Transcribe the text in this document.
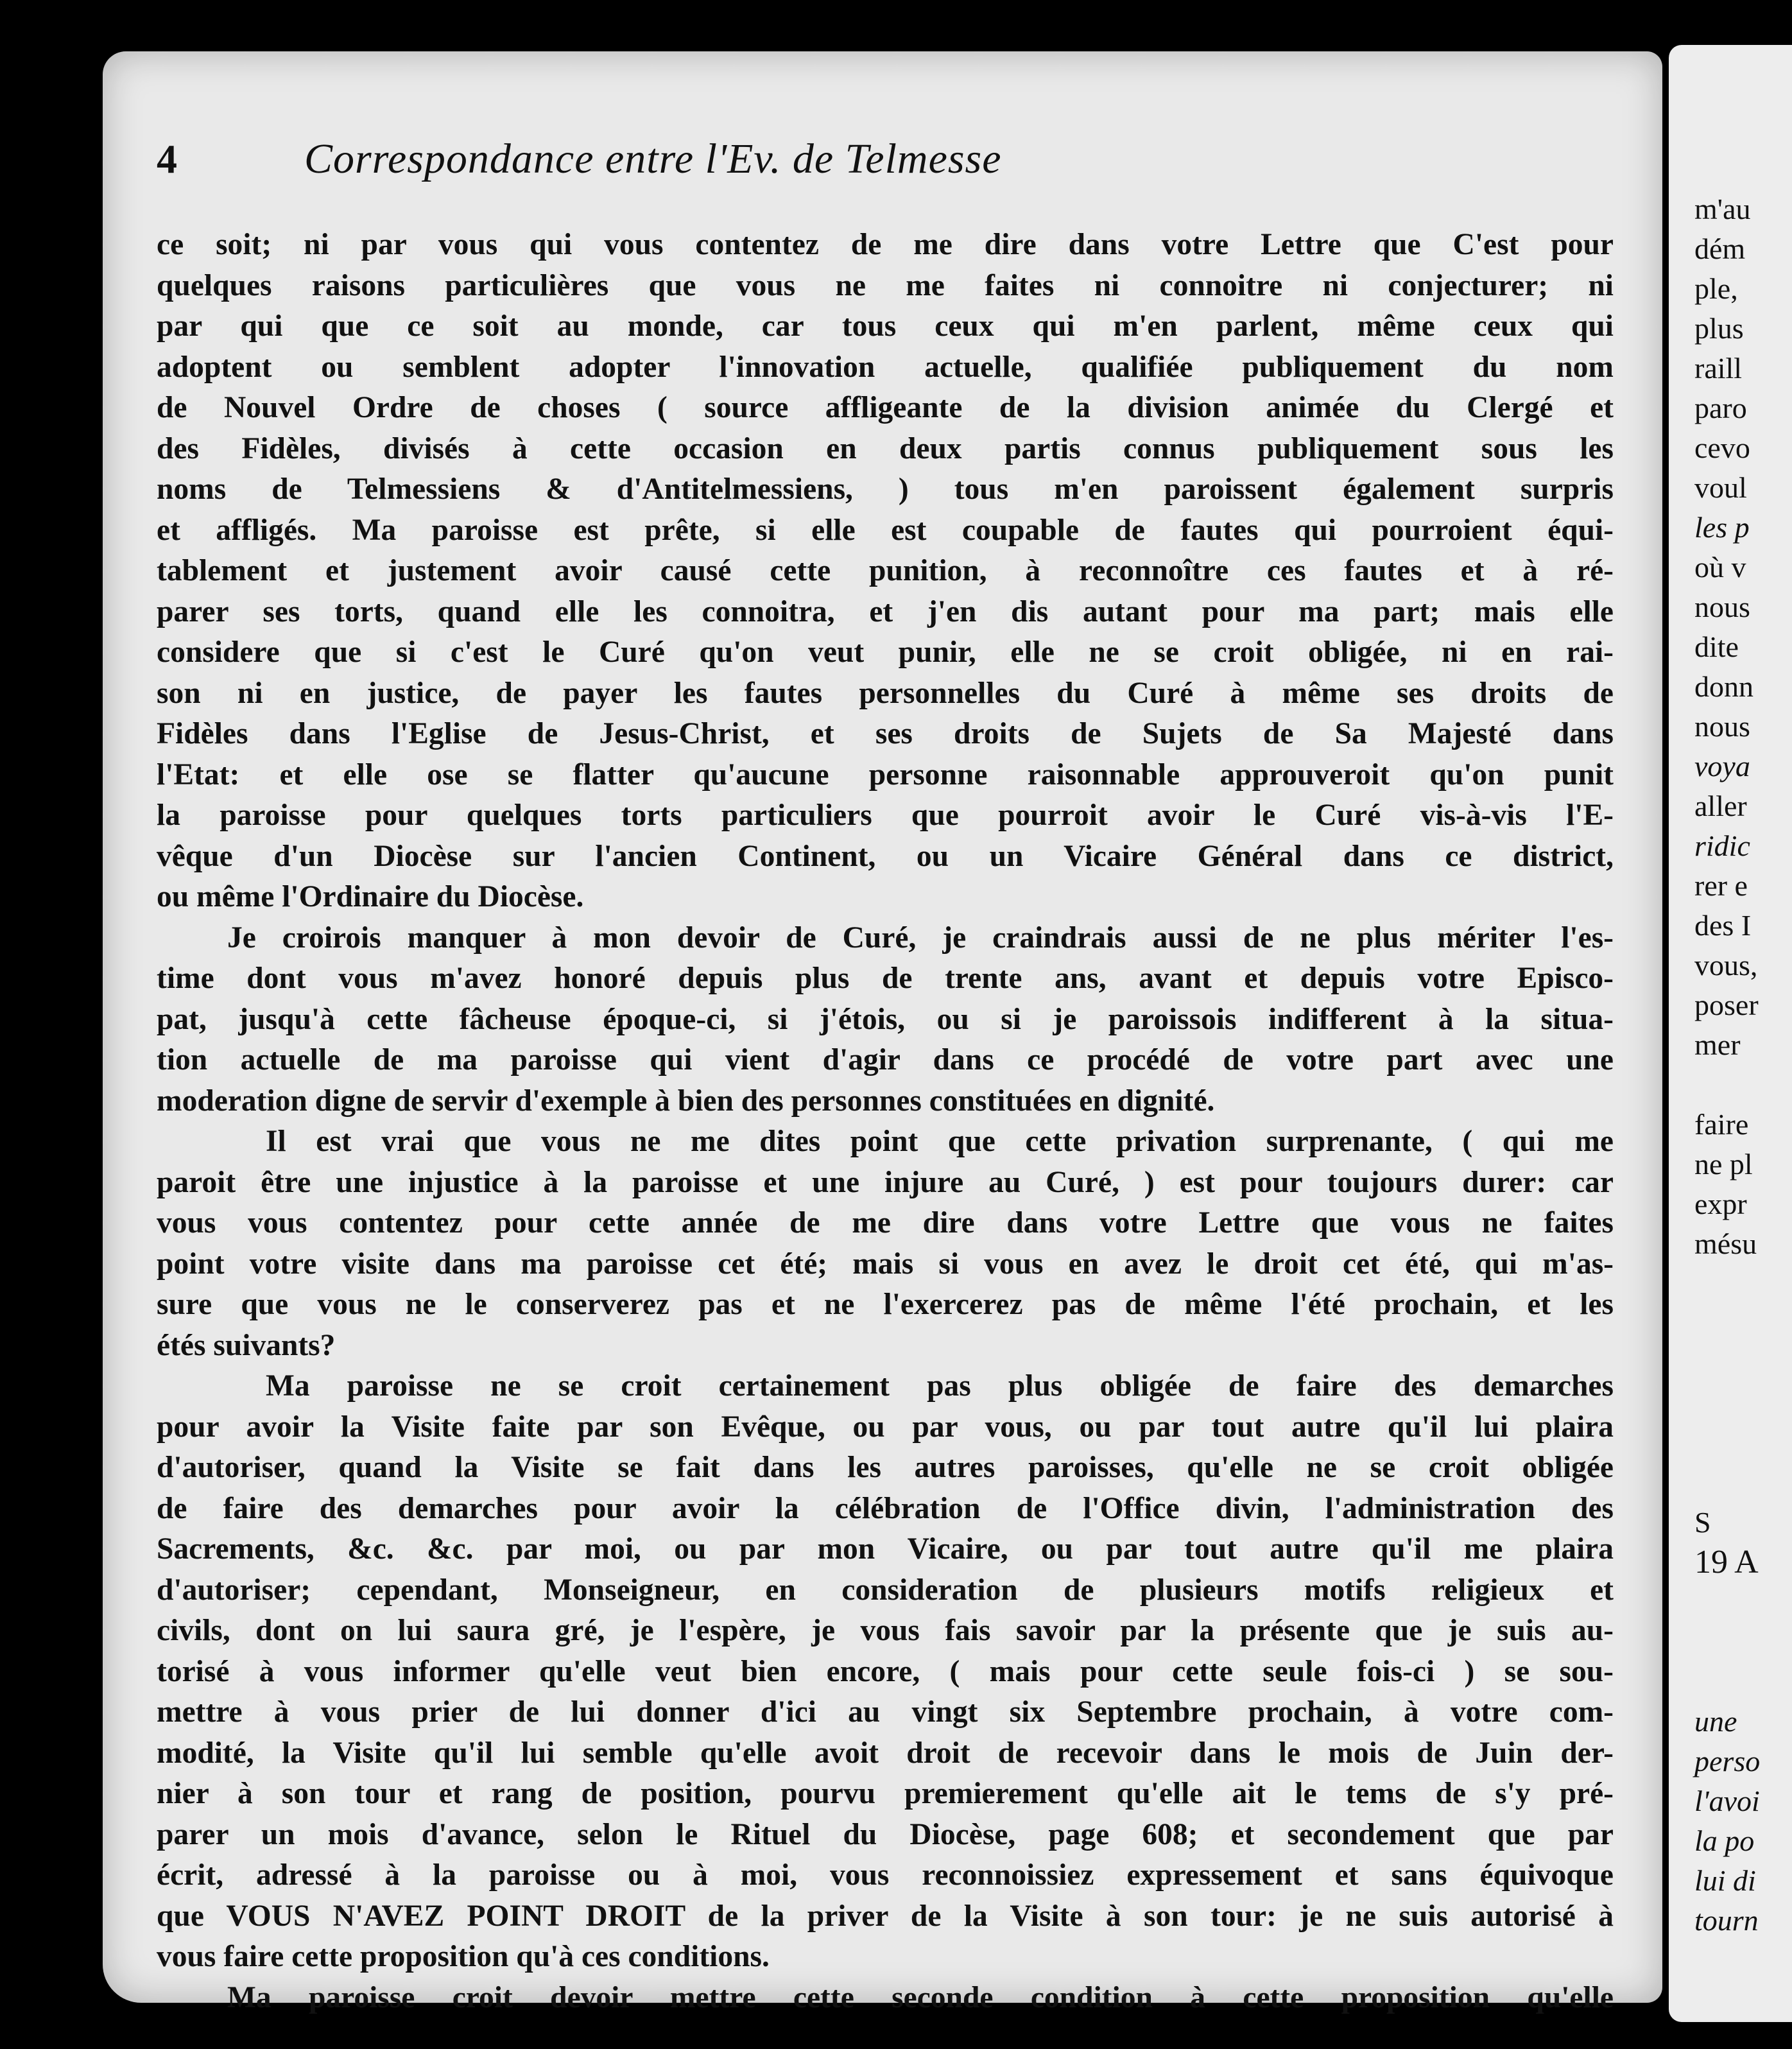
4	Correspondance entre l'Ev. de Telmesse
ce soit; ni par vous qui vous contentez de me dire dans votre Lettre que C'est pour
quelques raisons particulières que vous ne me faites ni connoitre ni conjecturer; ni
par qui que ce soit au monde, car tous ceux qui m'en parlent, même ceux qui
adoptent ou semblent adopter l'innovation actuelle, qualifiée publiquement du nom
de Nouvel Ordre de choses ( source affligeante de la division animée du Clergé et
des Fidèles, divisés à cette occasion en deux partis connus publiquement sous les
noms de Telmessiens & d'Antitelmessiens, ) tous m'en paroissent également surpris
et affligés. Ma paroisse est prête, si elle est coupable de fautes qui pourroient équi-
tablement et justement avoir causé cette punition, à reconnoître ces fautes et à ré-
parer ses torts, quand elle les connoitra, et j'en dis autant pour ma part; mais elle
considere que si c'est le Curé qu'on veut punir, elle ne se croit obligée, ni en rai-
son ni en justice, de payer les fautes personnelles du Curé à même ses droits de
Fidèles dans l'Eglise de Jesus-Christ, et ses droits de Sujets de Sa Majesté dans
l'Etat: et elle ose se flatter qu'aucune personne raisonnable approuveroit qu'on punit
la paroisse pour quelques torts particuliers que pourroit avoir le Curé vis-à-vis l'E-
vêque d'un Diocèse sur l'ancien Continent, ou un Vicaire Général dans ce district,
ou même l'Ordinaire du Diocèse.
Je croirois manquer à mon devoir de Curé, je craindrais aussi de ne plus mériter l'es-
time dont vous m'avez honoré depuis plus de trente ans, avant et depuis votre Episco-
pat, jusqu'à cette fâcheuse époque-ci, si j'étois, ou si je paroissois indifferent à la situa-
tion actuelle de ma paroisse qui vient d'agir dans ce procédé de votre part avec une
moderation digne de servir d'exemple à bien des personnes constituées en dignité.
Il est vrai que vous ne me dites point que cette privation surprenante, ( qui me
paroit être une injustice à la paroisse et une injure au Curé, ) est pour toujours durer: car
vous vous contentez pour cette année de me dire dans votre Lettre que vous ne faites
point votre visite dans ma paroisse cet été; mais si vous en avez le droit cet été, qui m'as-
sure que vous ne le conserverez pas et ne l'exercerez pas de même l'été prochain, et les
étés suivants?
Ma paroisse ne se croit certainement pas plus obligée de faire des demarches
pour avoir la Visite faite par son Evêque, ou par vous, ou par tout autre qu'il lui plaira
d'autoriser, quand la Visite se fait dans les autres paroisses, qu'elle ne se croit obligée
de faire des demarches pour avoir la célébration de l'Office divin, l'administration des
Sacrements, &c. &c. par moi, ou par mon Vicaire, ou par tout autre qu'il me plaira
d'autoriser; cependant, Monseigneur, en consideration de plusieurs motifs religieux et
civils, dont on lui saura gré, je l'espère, je vous fais savoir par la présente que je suis au-
torisé à vous informer qu'elle veut bien encore, ( mais pour cette seule fois-ci ) se sou-
mettre à vous prier de lui donner d'ici au vingt six Septembre prochain, à votre com-
modité, la Visite qu'il lui semble qu'elle avoit droit de recevoir dans le mois de Juin der-
nier à son tour et rang de position, pourvu premierement qu'elle ait le tems de s'y pré-
parer un mois d'avance, selon le Rituel du Diocèse, page 608; et secondement que par
écrit, adressé à la paroisse ou à moi, vous reconnoissiez expressement et sans équivoque
que VOUS N'AVEZ POINT DROIT de la priver de la Visite à son tour: je ne suis autorisé à
vous faire cette proposition qu'à ces conditions.
Ma paroisse croit devoir mettre cette seconde condition à cette proposition qu'elle
m'au
dém
ple,
plus
raill
paro
cevo
voul
les p
où v
nous
dite
donn
nous
voya
aller
ridic
rer e
des I
vous,
poser
mer
faire
ne pl
expr
mésu
S
19 A
une
perso
l'avoi
la po
lui di
tourn
